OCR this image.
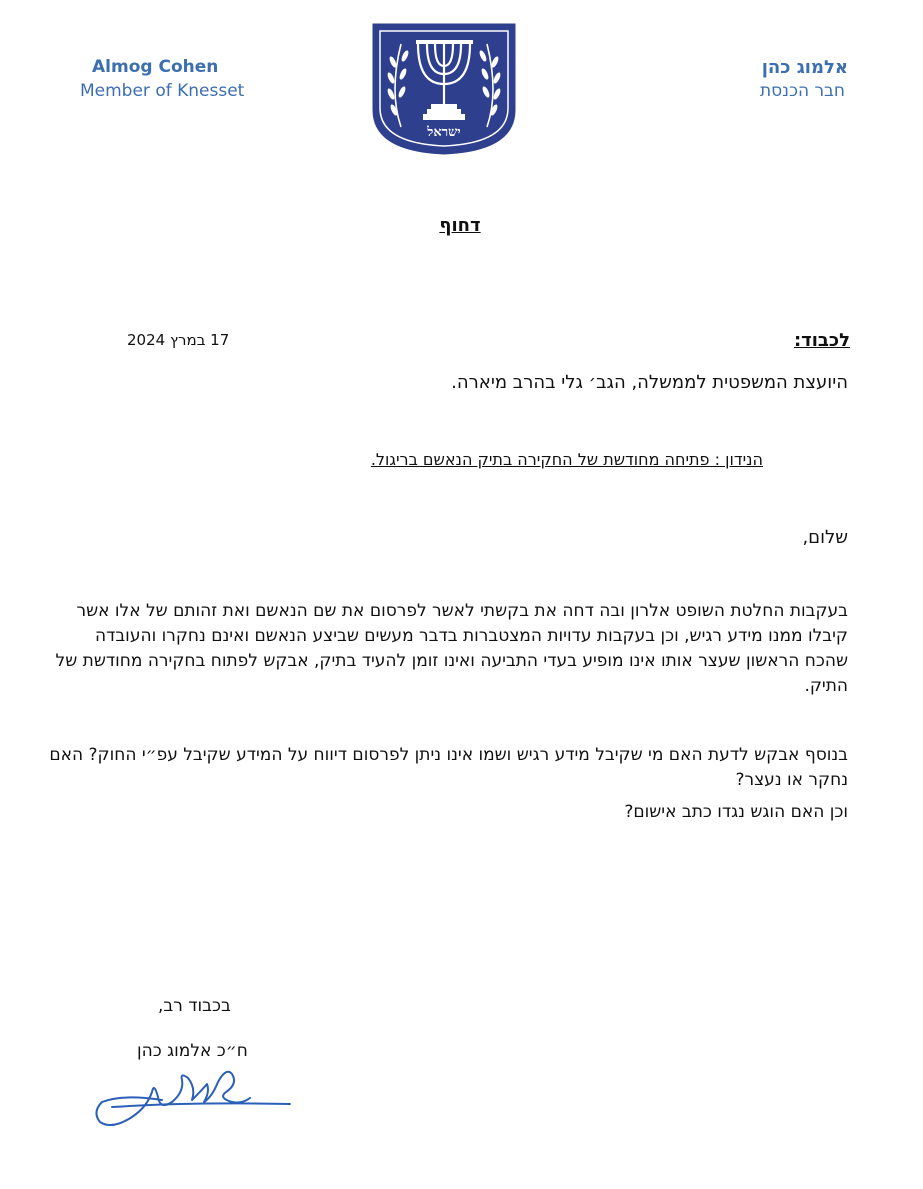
Almog Cohen
Member of Knesset
אלמוג כהן
חבר הכנסת
ישראל
דחוף
לכבוד:
17 במרץ 2024
היועצת המשפטית לממשלה, הגב׳ גלי בהרב מיארה.
הנידון : פתיחה מחודשת של החקירה בתיק הנאשם בריגול.
שלום,
בעקבות החלטת השופט אלרון ובה דחה את בקשתי לאשר לפרסום את שם הנאשם ואת זהותם של אלו אשר קיבלו ממנו מידע רגיש, וכן בעקבות עדויות המצטברות בדבר מעשים שביצע הנאשם ואינם נחקרו והעובדה שהכח הראשון שעצר אותו אינו מופיע בעדי התביעה ואינו זומן להעיד בתיק, אבקש לפתוח בחקירה מחודשת של התיק.
בנוסף אבקש לדעת האם מי שקיבל מידע רגיש ושמו אינו ניתן לפרסום דיווח על המידע שקיבל עפ״י החוק? האם נחקר או נעצר?
וכן האם הוגש נגדו כתב אישום?
בכבוד רב,
ח״כ אלמוג כהן
